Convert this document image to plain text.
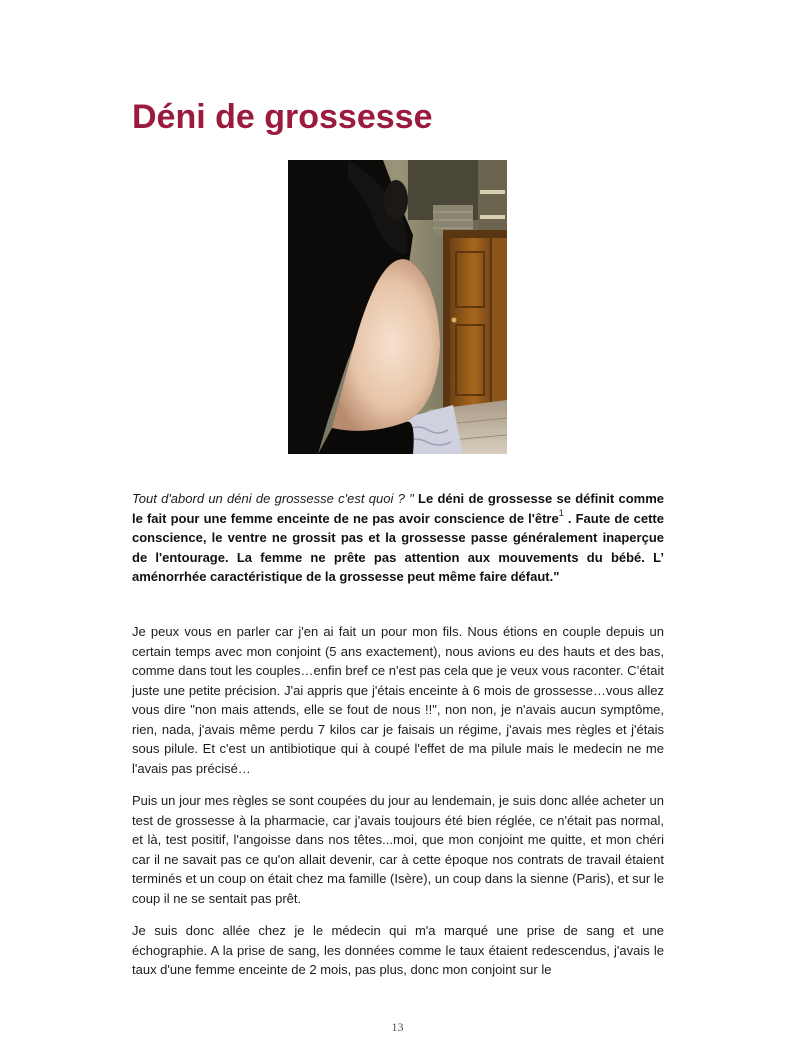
Déni de grossesse
Tout d'abord un déni de grossesse c'est quoi ? " Le déni de grossesse se définit comme le fait pour une femme enceinte de ne pas avoir conscience de l'être$^1$ . Faute de cette conscience, le ventre ne grossit pas et la grossesse passe généralement inaperçue de l'entourage. La femme ne prête pas attention aux mouvements du bébé. L’ aménorrhée caractéristique de la grossesse peut même faire défaut."
Je peux vous en parler car j'en ai fait un pour mon fils. Nous étions en couple depuis un certain temps avec mon conjoint (5 ans exactement), nous avions eu des hauts et des bas, comme dans tout les couples…enfin bref ce n'est pas cela que je veux vous raconter. C’était juste une petite précision. J'ai appris que j'étais enceinte à 6 mois de grossesse…vous allez vous dire "non mais attends, elle se fout de nous !!", non non, je n'avais aucun symptôme, rien, nada, j'avais même perdu 7 kilos car je faisais un régime, j'avais mes règles et j'étais sous pilule. Et c'est un antibiotique qui à coupé l'effet de ma pilule mais le medecin ne me l'avais pas précisé…
Puis un jour mes règles se sont coupées du jour au lendemain, je suis donc allée acheter un test de grossesse à la pharmacie, car j'avais toujours été bien réglée, ce n'était pas normal, et là, test positif, l'angoisse dans nos têtes...moi, que mon conjoint me quitte, et mon chéri car il ne savait pas ce qu'on allait devenir, car à cette époque nos contrats de travail étaient terminés et un coup on était chez ma famille (Isère), un coup dans la sienne (Paris), et sur le coup il ne se sentait pas prêt.
Je suis donc allée chez je le médecin qui m'a marqué une prise de sang et une échographie. A la prise de sang, les données comme le taux étaient redescendus, j'avais le taux d'une femme enceinte de 2 mois, pas plus, donc mon conjoint sur le
13
